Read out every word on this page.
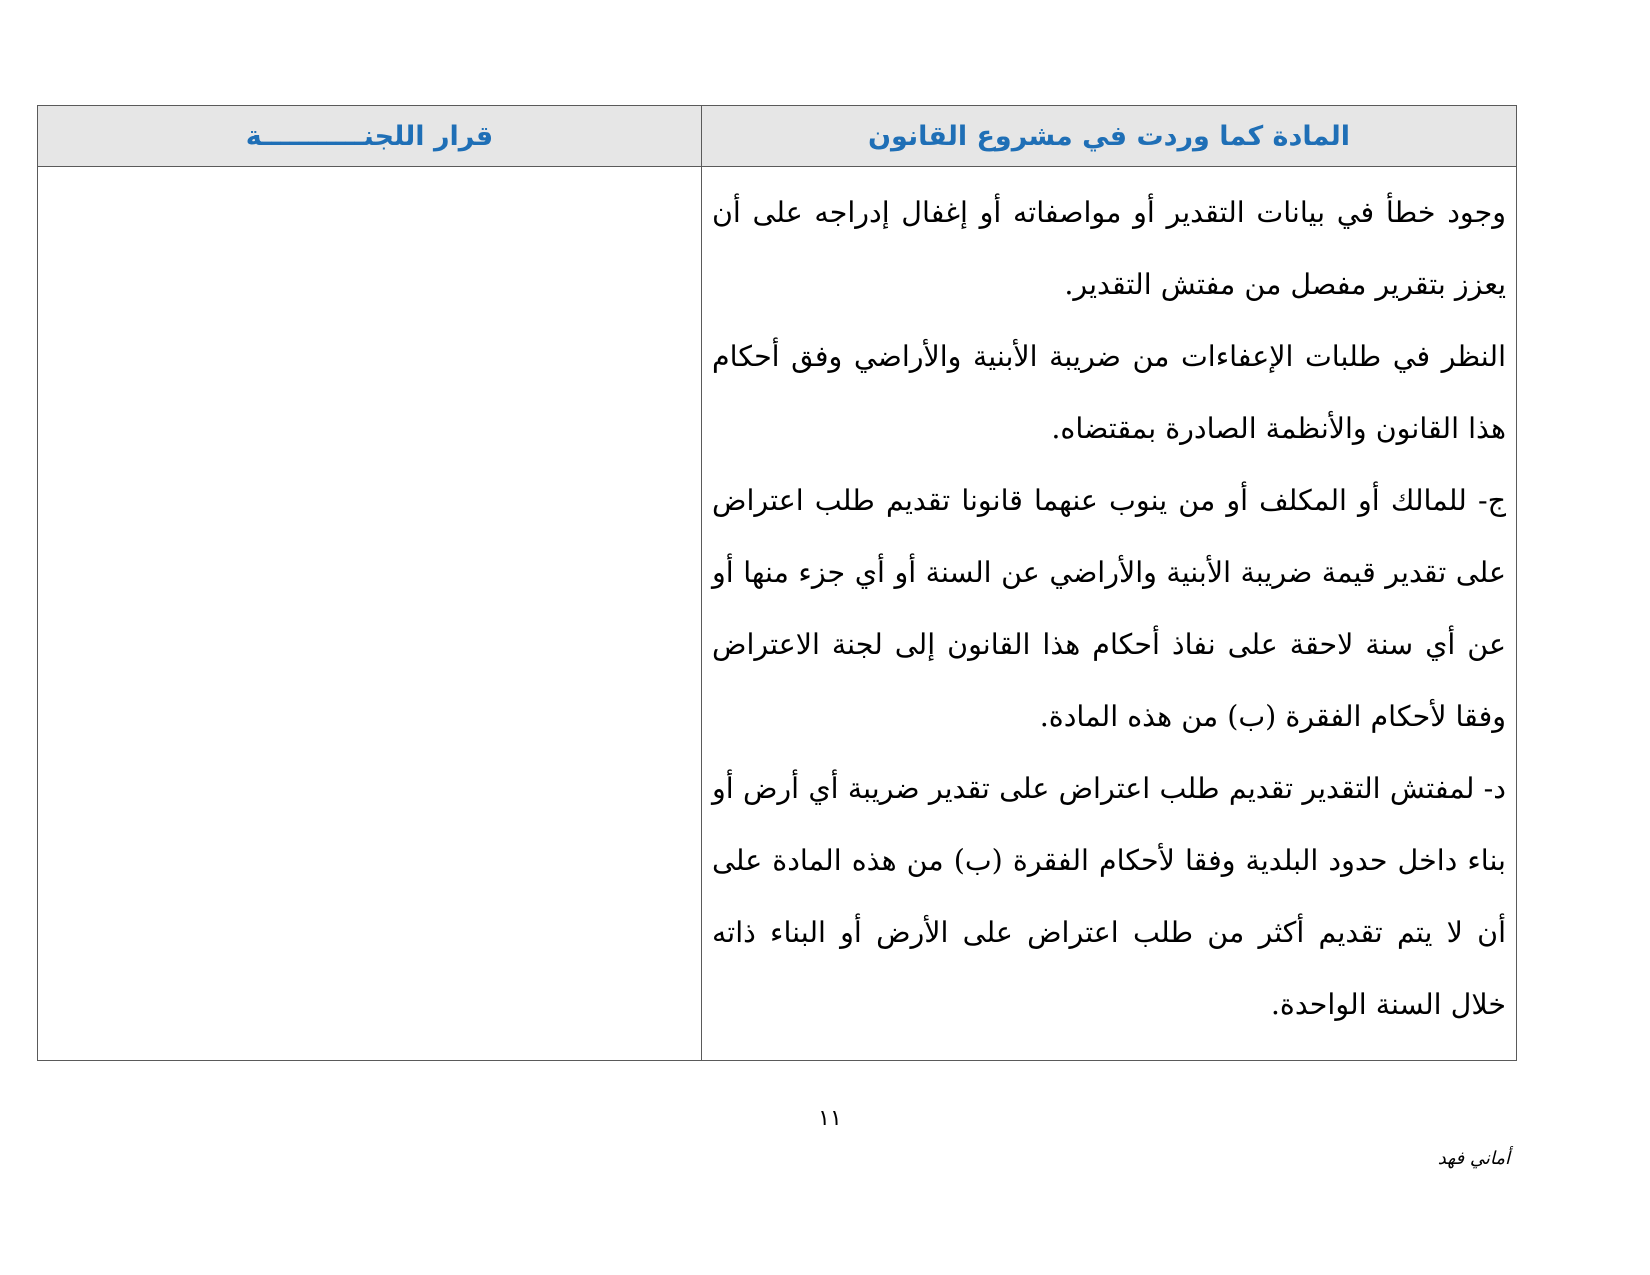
المادة كما وردت في مشروع القانون
قرار اللجنـــــــــــة

وجود خطأ في بيانات التقدير أو مواصفاته أو إغفال إدراجه على أن يعزز بتقرير مفصل من مفتش التقدير.

النظر في طلبات الإعفاءات من ضريبة الأبنية والأراضي وفق أحكام هذا القانون والأنظمة الصادرة بمقتضاه.

ج- للمالك أو المكلف أو من ينوب عنهما قانونا تقديم طلب اعتراض على تقدير قيمة ضريبة الأبنية والأراضي عن السنة أو أي جزء منها أو عن أي سنة لاحقة على نفاذ أحكام هذا القانون إلى لجنة الاعتراض وفقا لأحكام الفقرة (ب) من هذه المادة.

د- لمفتش التقدير تقديم طلب اعتراض على تقدير ضريبة أي أرض أو بناء داخل حدود البلدية وفقا لأحكام الفقرة (ب) من هذه المادة على أن لا يتم تقديم أكثر من طلب اعتراض على الأرض أو البناء ذاته خلال السنة الواحدة.

١١
أماني فهد
